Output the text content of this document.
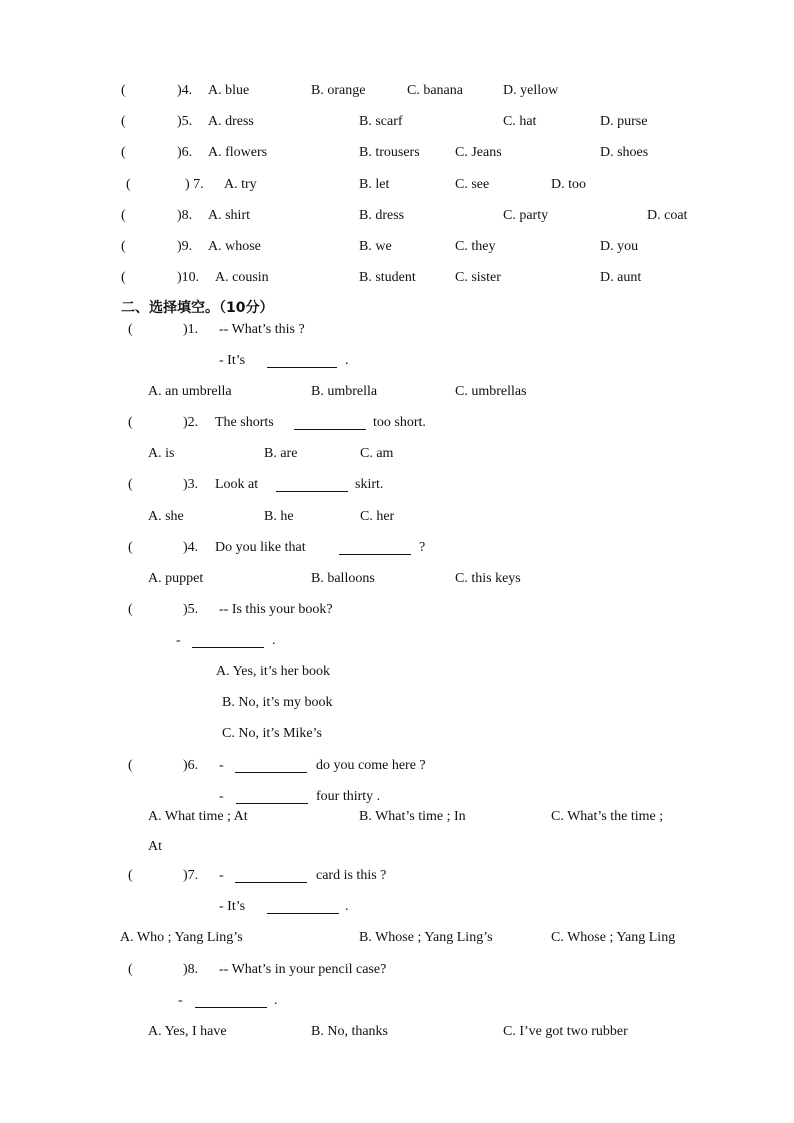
(	)4. A. blue	B. orange	C. banana	D. yellow
(	)5. A. dress	B. scarf	C. hat	D. purse
(	)6. A. flowers	B. trousers	C. Jeans	D. shoes
(	) 7. A. try	B. let	C. see	D. too
(	)8. A. shirt	B. dress	C. party	D. coat
(	)9. A. whose	B. we	C. they	D. you
(	)10. A. cousin	B. student	C. sister	D. aunt
二、选择填空。（10分）
(	)1. -- What’s this ?
- It’s	.
A. an umbrella	B. umbrella	C. umbrellas
(	)2. The shorts	too short.
A. is	B. are	C. am
(	)3. Look at	skirt.
A. she	B. he	C. her
(	)4. Do you like that	?
A. puppet	B. balloons	C. this keys
(	)5. -- Is this your book?
-	.
A. Yes, it’s her book
B. No, it’s my book
C. No, it’s Mike’s
(	)6. -	do you come here ?
-	four thirty .
A. What time ; At	B. What’s time ; In	C. What’s the time ;
At
(	)7. -	card is this ?
- It’s	.
A. Who ; Yang Ling’s	B. Whose ; Yang Ling’s	C. Whose ; Yang Ling
(	)8. -- What’s in your pencil case?
-	.
A. Yes, I have	B. No, thanks	C. I’ve got two rubber
